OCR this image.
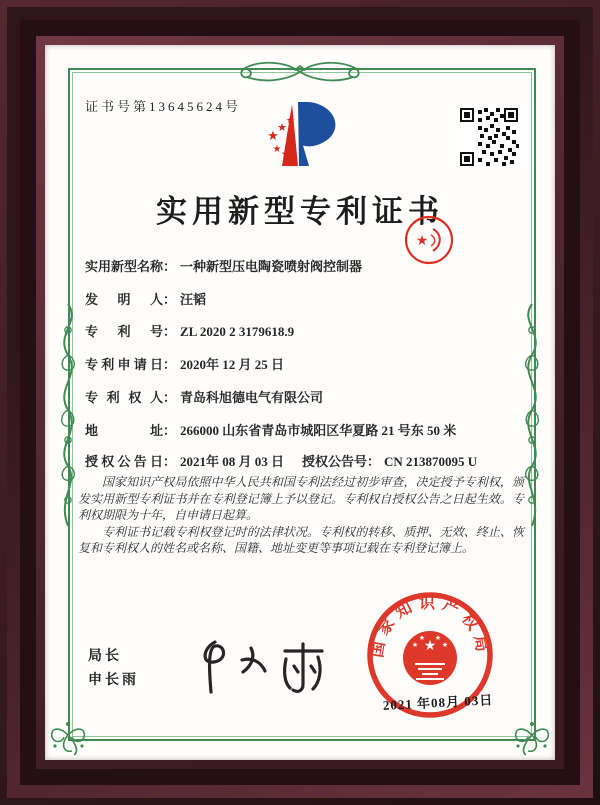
证书号第13645624号
★
★ ★
★ ★
实用新型专利证书
★
实用新型名称： 一种新型压电陶瓷喷射阀控制器
发明人： 汪韬
专利号： ZL 2020 2 3179618.9
专利申请日： 2020年 12 月 25 日
专利权人： 青岛科旭德电气有限公司
地址： 266000 山东省青岛市城阳区华夏路 21 号东 50 米
授权公告日： 2021年 08 月 03 日 授权公告号： CN 213870095 U

国家知识产权局依照中华人民共和国专利法经过初步审查，决定授予专利权，颁发实用新型专利证书并在专利登记簿上予以登记。专利权自授权公告之日起生效。专利权期限为十年，自申请日起算。

专利证书记载专利权登记时的法律状况。专利权的转移、质押、无效、终止、恢复和专利权人的姓名或名称、国籍、地址变更等事项记载在专利登记簿上。

局长
申长雨
国家知识产权局
★
★
★ ★
★
2021 年08月 03日
